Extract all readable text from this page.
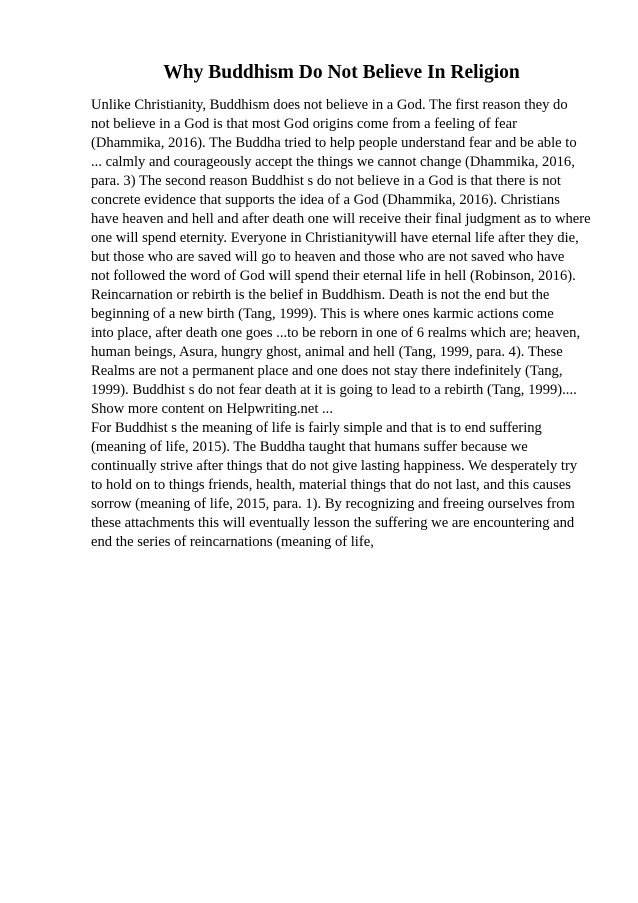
Why Buddhism Do Not Believe In Religion
Unlike Christianity, Buddhism does not believe in a God. The first reason they do
not believe in a God is that most God origins come from a feeling of fear
(Dhammika, 2016). The Buddha tried to help people understand fear and be able to
... calmly and courageously accept the things we cannot change (Dhammika, 2016,
para. 3) The second reason Buddhist s do not believe in a God is that there is not
concrete evidence that supports the idea of a God (Dhammika, 2016). Christians
have heaven and hell and after death one will receive their final judgment as to where
one will spend eternity. Everyone in Christianitywill have eternal life after they die,
but those who are saved will go to heaven and those who are not saved who have
not followed the word of God will spend their eternal life in hell (Robinson, 2016).
Reincarnation or rebirth is the belief in Buddhism. Death is not the end but the
beginning of a new birth (Tang, 1999). This is where ones karmic actions come
into place, after death one goes ...to be reborn in one of 6 realms which are; heaven,
human beings, Asura, hungry ghost, animal and hell (Tang, 1999, para. 4). These
Realms are not a permanent place and one does not stay there indefinitely (Tang,
1999). Buddhist s do not fear death at it is going to lead to a rebirth (Tang, 1999)....
Show more content on Helpwriting.net ...
For Buddhist s the meaning of life is fairly simple and that is to end suffering
(meaning of life, 2015). The Buddha taught that humans suffer because we
continually strive after things that do not give lasting happiness. We desperately try
to hold on to things friends, health, material things that do not last, and this causes
sorrow (meaning of life, 2015, para. 1). By recognizing and freeing ourselves from
these attachments this will eventually lesson the suffering we are encountering and
end the series of reincarnations (meaning of life,
